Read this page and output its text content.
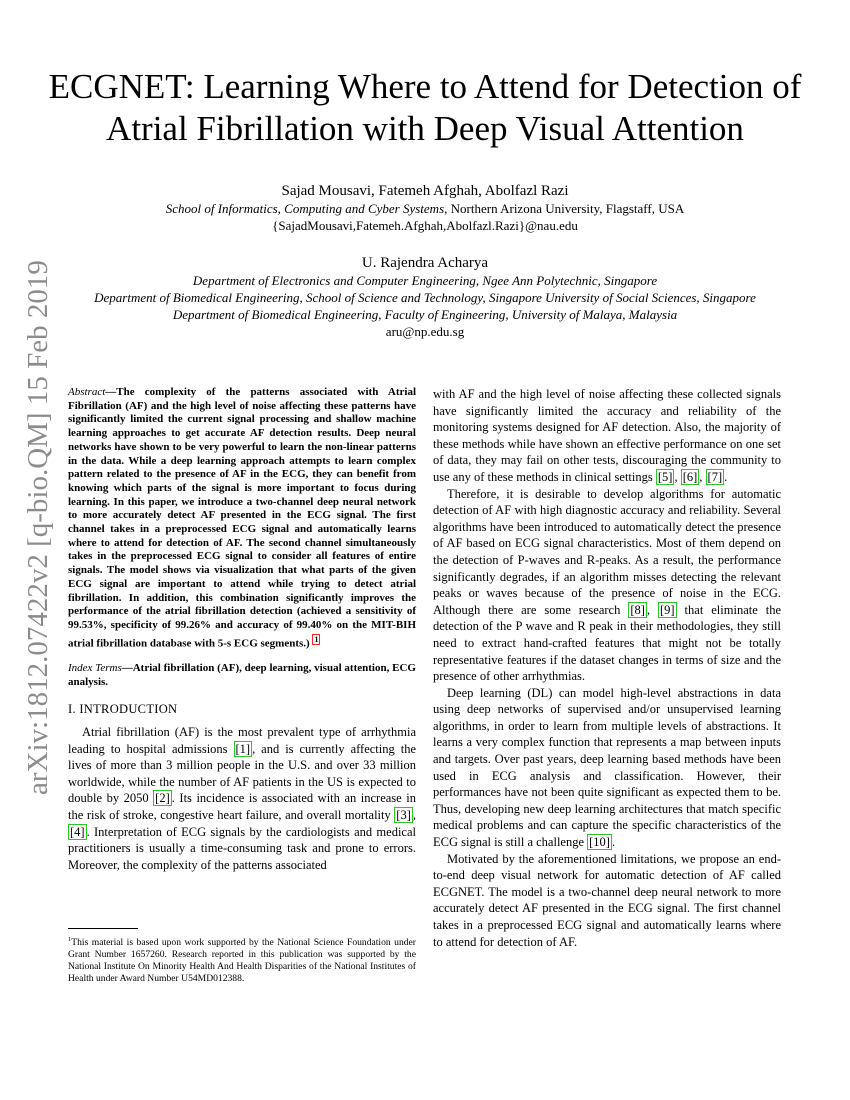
ECGNET: Learning Where to Attend for Detection of Atrial Fibrillation with Deep Visual Attention
Sajad Mousavi, Fatemeh Afghah, Abolfazl Razi
School of Informatics, Computing and Cyber Systems, Northern Arizona University, Flagstaff, USA
{SajadMousavi,Fatemeh.Afghah,Abolfazl.Razi}@nau.edu
U. Rajendra Acharya
Department of Electronics and Computer Engineering, Ngee Ann Polytechnic, Singapore
Department of Biomedical Engineering, School of Science and Technology, Singapore University of Social Sciences, Singapore
Department of Biomedical Engineering, Faculty of Engineering, University of Malaya, Malaysia
aru@np.edu.sg
arXiv:1812.07422v2 [q-bio.QM] 15 Feb 2019	Abstract—The complexity of the patterns associated with Atrial Fibrillation (AF) and the high level of noise affecting these patterns have significantly limited the current signal processing and shallow machine learning approaches to get accurate AF detection results. Deep neural networks have shown to be very powerful to learn the non-linear patterns in the data. While a deep learning approach attempts to learn complex pattern related to the presence of AF in the ECG, they can benefit from knowing which parts of the signal is more important to focus during learning. In this paper, we introduce a two-channel deep neural network to more accurately detect AF presented in the ECG signal. The first channel takes in a preprocessed ECG signal and automatically learns where to attend for detection of AF. The second channel simultaneously takes in the preprocessed ECG signal to consider all features of entire signals. The model shows via visualization that what parts of the given ECG signal are important to attend while trying to detect atrial fibrillation. In addition, this combination significantly improves the performance of the atrial fibrillation detection (achieved a sensitivity of 99.53%, specificity of 99.26% and accuracy of 99.40% on the MIT-BIH atrial fibrillation database with 5-s ECG segments.) $^1$

Index Terms—Atrial fibrillation (AF), deep learning, visual attention, ECG analysis.

I. INTRODUCTION

Atrial fibrillation (AF) is the most prevalent type of arrhythmia leading to hospital admissions [1] , and is currently affecting the lives of more than 3 million people in the U.S. and over 33 million worldwide, while the number of AF patients in the US is expected to double by 2050 [2] . Its incidence is associated with an increase in the risk of stroke, congestive heart failure, and overall mortality [3] , [4] . Interpretation of ECG signals by the cardiologists and medical practitioners is usually a time-consuming task and prone to errors. Moreover, the complexity of the patterns associated

$^1$This material is based upon work supported by the National Science Foundation under Grant Number 1657260. Research reported in this publication was supported by the National Institute On Minority Health And Health Disparities of the National Institutes of Health under Award Number U54MD012388.

with AF and the high level of noise affecting these collected signals have significantly limited the accuracy and reliability of the monitoring systems designed for AF detection. Also, the majority of these methods while have shown an effective performance on one set of data, they may fail on other tests, discouraging the community to use any of these methods in clinical settings [5] , [6] , [7] .

Therefore, it is desirable to develop algorithms for automatic detection of AF with high diagnostic accuracy and reliability. Several algorithms have been introduced to automatically detect the presence of AF based on ECG signal characteristics. Most of them depend on the detection of P-waves and R-peaks. As a result, the performance significantly degrades, if an algorithm misses detecting the relevant peaks or waves because of the presence of noise in the ECG. Although there are some research [8] , [9] that eliminate the detection of the P wave and R peak in their methodologies, they still need to extract hand-crafted features that might not be totally representative features if the dataset changes in terms of size and the presence of other arrhythmias.

Deep learning (DL) can model high-level abstractions in data using deep networks of supervised and/or unsupervised learning algorithms, in order to learn from multiple levels of abstractions. It learns a very complex function that represents a map between inputs and targets. Over past years, deep learning based methods have been used in ECG analysis and classification. However, their performances have not been quite significant as expected them to be. Thus, developing new deep learning architectures that match specific medical problems and can capture the specific characteristics of the ECG signal is still a challenge [10] .

Motivated by the aforementioned limitations, we propose an end-to-end deep visual network for automatic detection of AF called ECGNET. The model is a two-channel deep neural network to more accurately detect AF presented in the ECG signal. The first channel takes in a preprocessed ECG signal and automatically learns where to attend for detection of AF.
